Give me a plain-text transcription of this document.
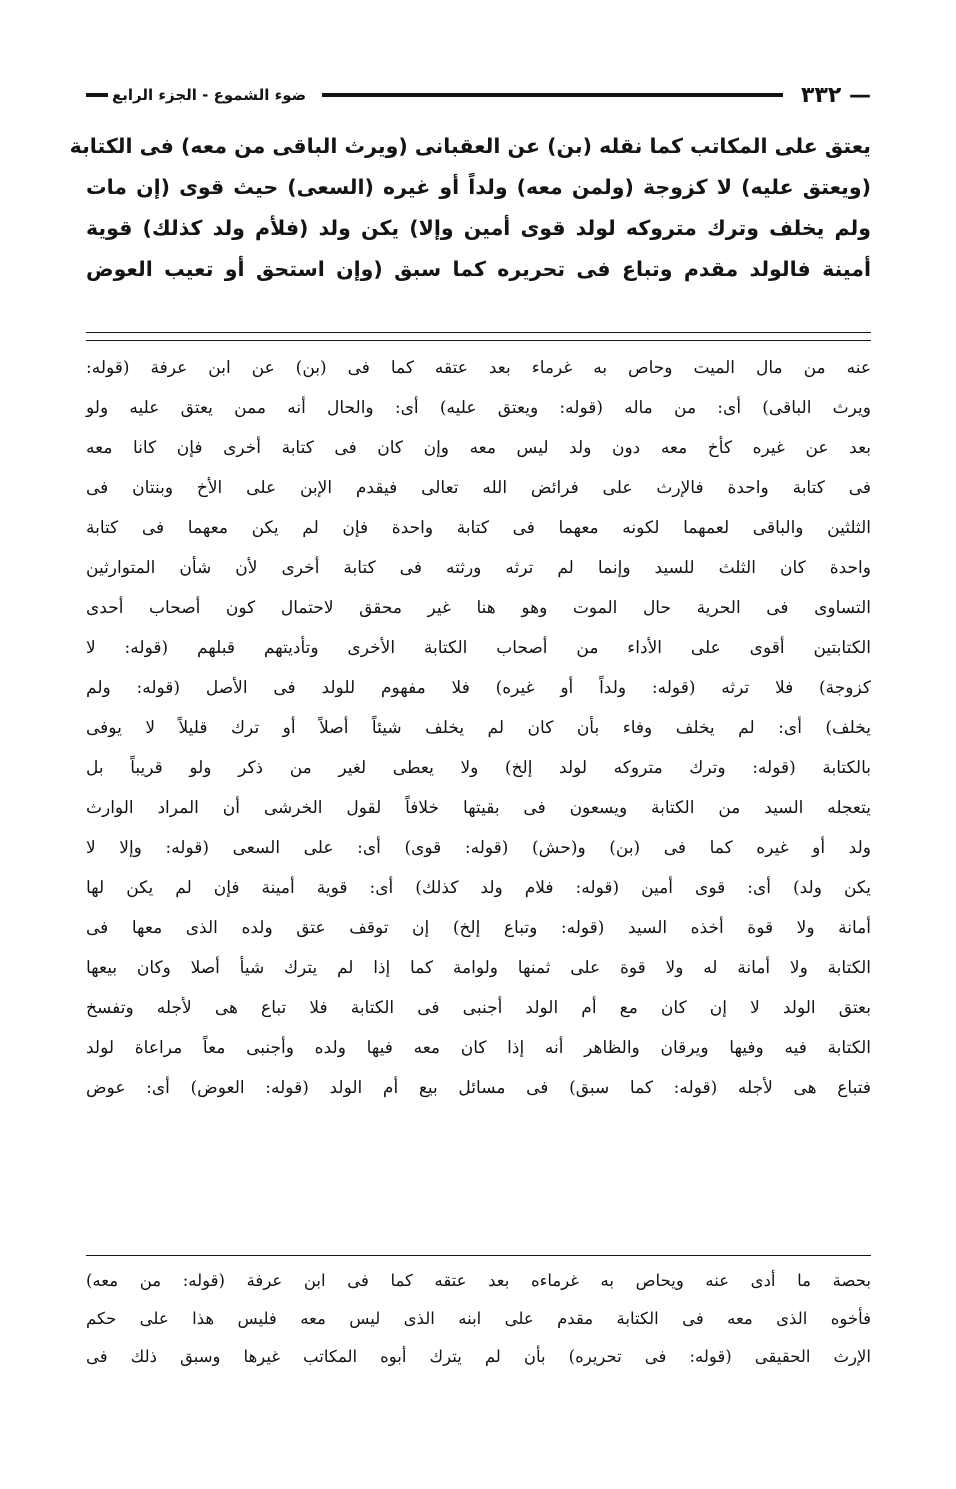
— ٣٣٢
ضوء الشموع - الجزء الرابع

يعتق على المكاتب كما نقله (بن) عن العقبانى (ويرث الباقى من معه) فى الكتابة

(ويعتق عليه) لا كزوجة (ولمن معه) ولداً أو غيره (السعى) حيث قوى (إن مات

ولم يخلف وترك متروكه لولد قوى أمين وإلا) يكن ولد (فلأم ولد كذلك) قوية

أمينة فالولد مقدم وتباع فى تحريره كما سبق (وإن استحق أو تعيب العوض

عنه من مال الميت وحاص به غرماء بعد عتقه كما فى (بن) عن ابن عرفة (قوله:

ويرث الباقى) أى: من ماله (قوله: ويعتق عليه) أى: والحال أنه ممن يعتق عليه ولو

بعد عن غيره كأخ معه دون ولد ليس معه وإن كان فى كتابة أخرى فإن كانا معه

فى كتابة واحدة فالإرث على فرائض الله تعالى فيقدم الإبن على الأخ وبنتان فى

الثلثين والباقى لعمهما لكونه معهما فى كتابة واحدة فإن لم يكن معهما فى كتابة

واحدة كان الثلث للسيد وإنما لم ترثه ورثته فى كتابة أخرى لأن شأن المتوارثين

التساوى فى الحرية حال الموت وهو هنا غير محقق لاحتمال كون أصحاب أحدى

الكتابتين أقوى على الأداء من أصحاب الكتابة الأخرى وتأديتهم قبلهم (قوله: لا

كزوجة) فلا ترثه (قوله: ولداً أو غيره) فلا مفهوم للولد فى الأصل (قوله: ولم

يخلف) أى: لم يخلف وفاء بأن كان لم يخلف شيئاً أصلاً أو ترك قليلاً لا يوفى

بالكتابة (قوله: وترك متروكه لولد إلخ) ولا يعطى لغير من ذكر ولو قريباً بل

يتعجله السيد من الكتابة ويسعون فى بقيتها خلافاً لقول الخرشى أن المراد الوارث

ولد أو غيره كما فى (بن) و(حش) (قوله: قوى) أى: على السعى (قوله: وإلا لا

يكن ولد) أى: قوى أمين (قوله: فلام ولد كذلك) أى: قوية أمينة فإن لم يكن لها

أمانة ولا قوة أخذه السيد (قوله: وتباع إلخ) إن توقف عتق ولده الذى معها فى

الكتابة ولا أمانة له ولا قوة على ثمنها ولوامة كما إذا لم يترك شيأ أصلا وكان بيعها

بعتق الولد لا إن كان مع أم الولد أجنبى فى الكتابة فلا تباع هى لأجله وتفسخ

الكتابة فيه وفيها ويرقان والظاهر أنه إذا كان معه فيها ولده وأجنبى معاً مراعاة لولد

فتباع هى لأجله (قوله: كما سبق) فى مسائل بيع أم الولد (قوله: العوض) أى: عوض

بحصة ما أدى عنه ويحاص به غرماءه بعد عتقه كما فى ابن عرفة (قوله: من معه)

فأخوه الذى معه فى الكتابة مقدم على ابنه الذى ليس معه فليس هذا على حكم

الإرث الحقيقى (قوله: فى تحريره) بأن لم يترك أبوه المكاتب غيرها وسبق ذلك فى
